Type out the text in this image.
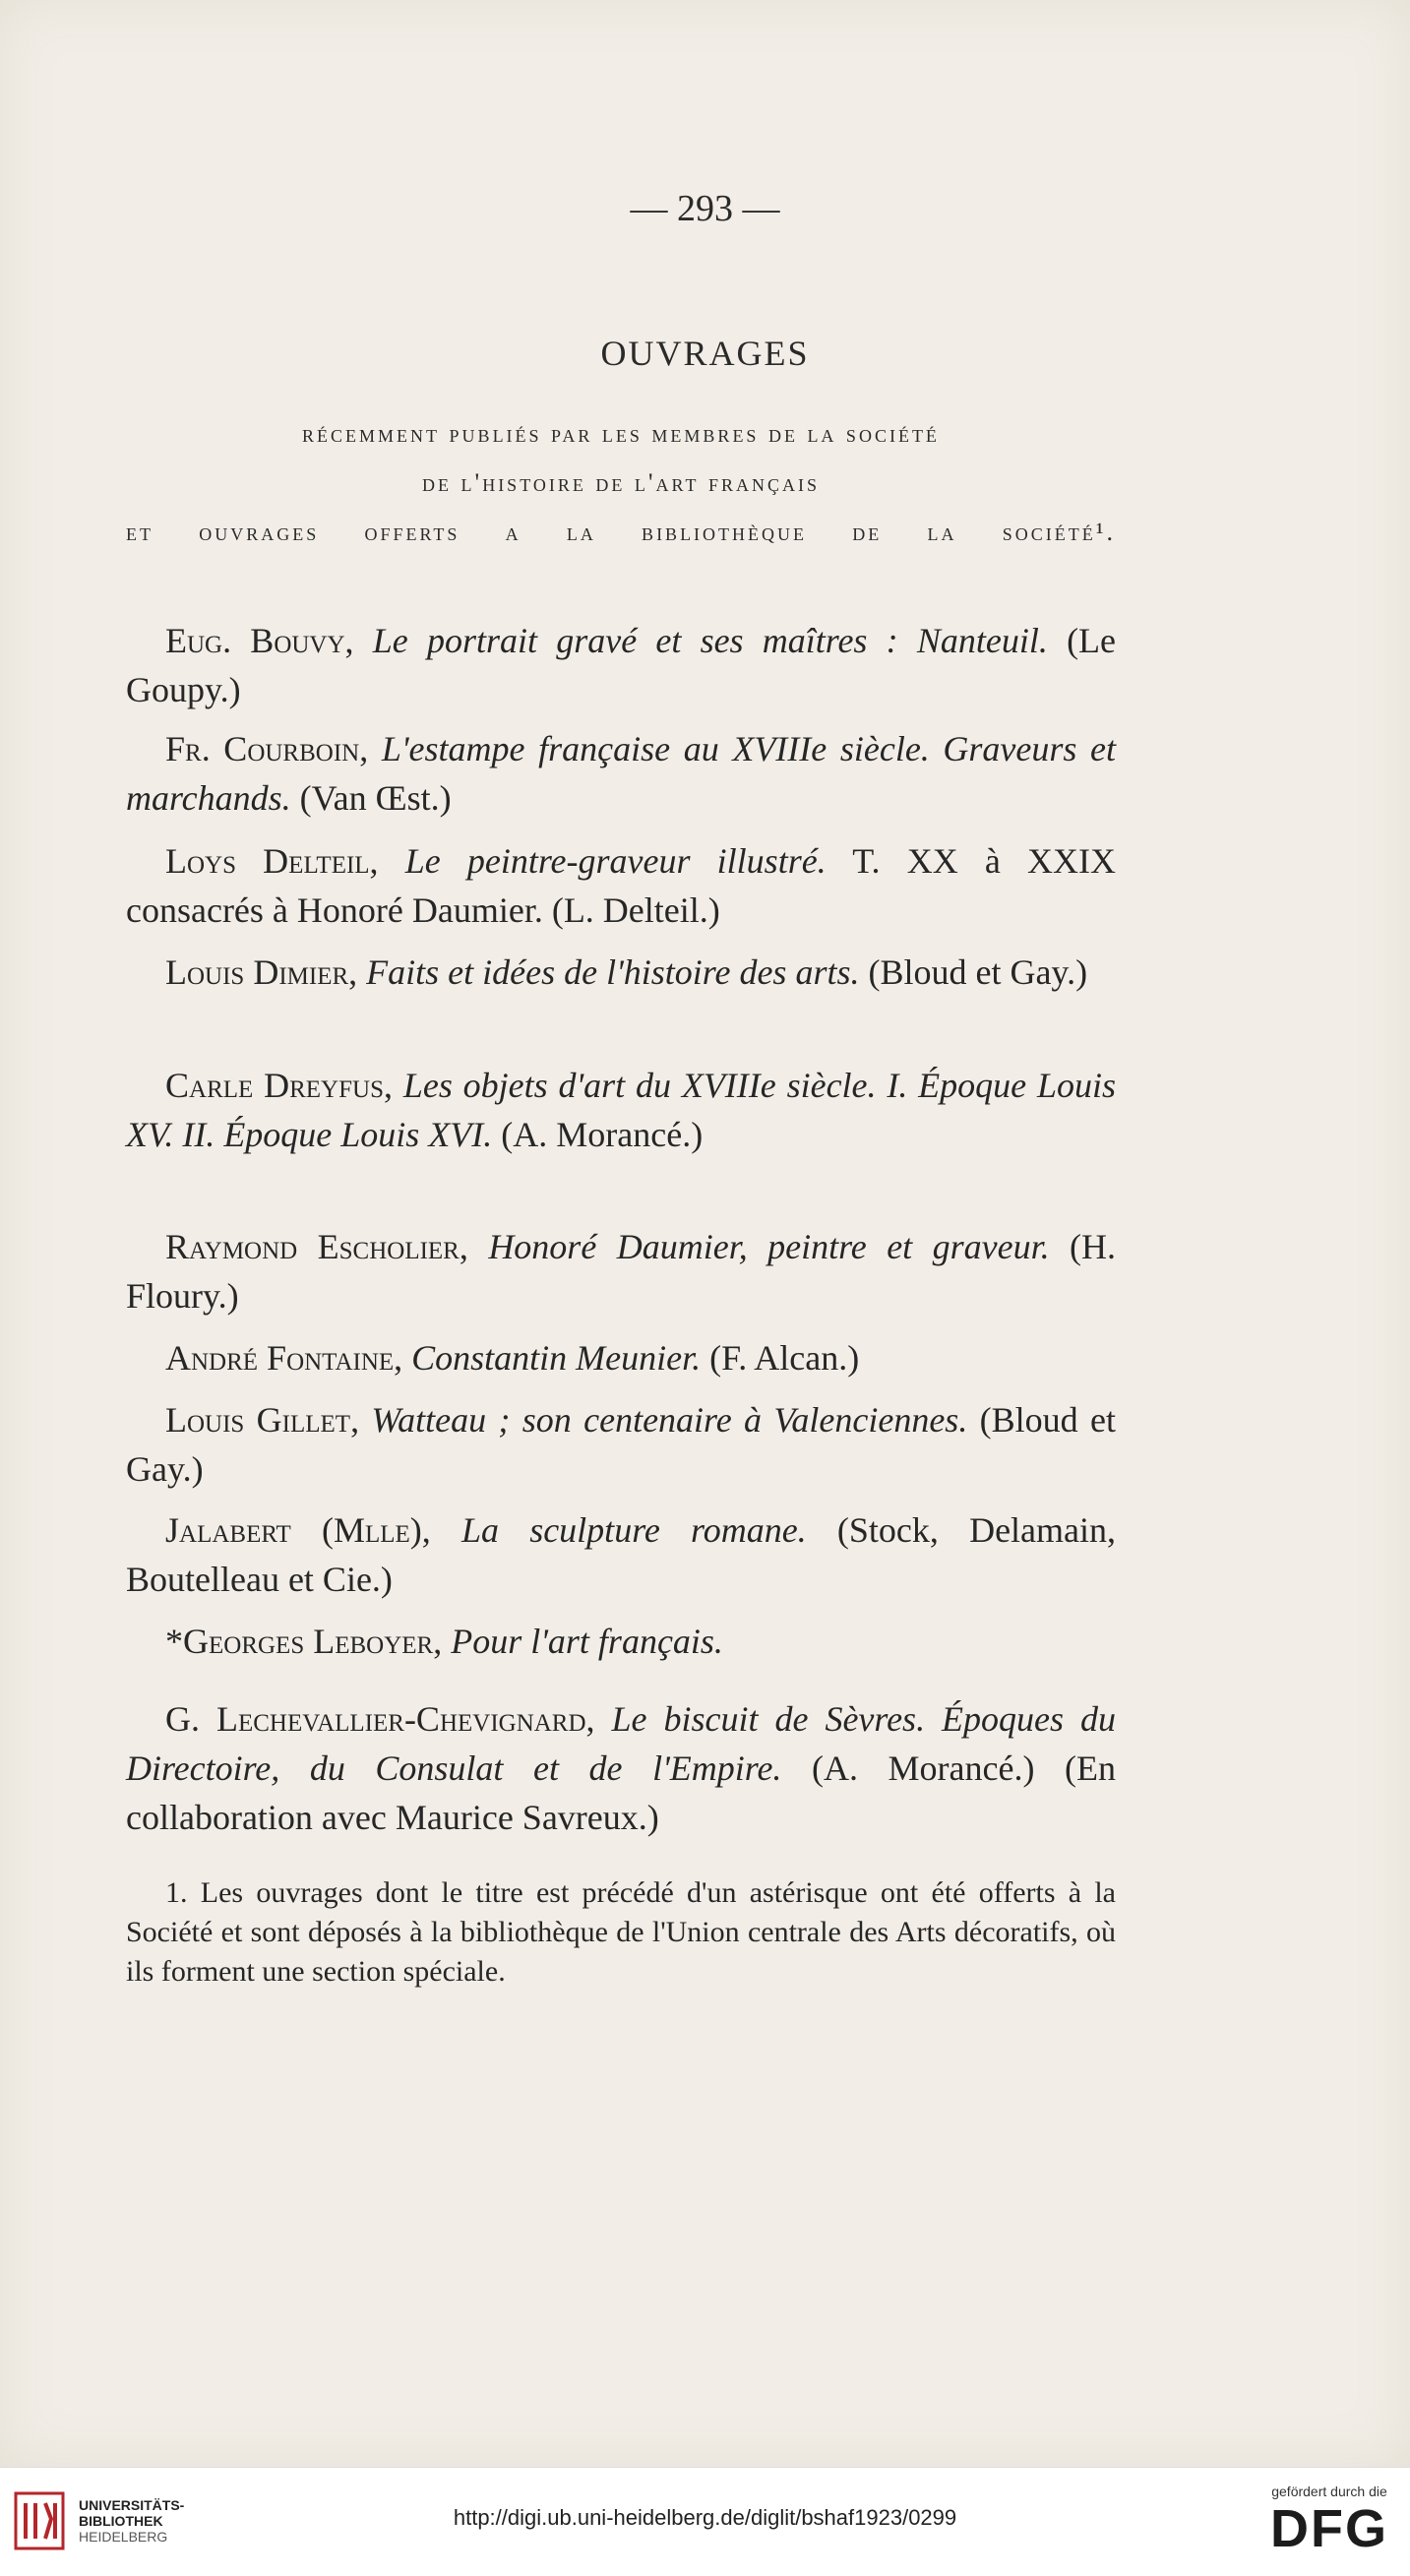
— 293 —
OUVRAGES
récemment publiés par les membres de la société
de l'histoire de l'art français
et ouvrages offerts a la bibliothèque de la société¹.
Eug. Bouvy, Le portrait gravé et ses maîtres : Nanteuil. (Le Goupy.)
Fr. Courboin, L'estampe française au XVIIIe siècle. Graveurs et marchands. (Van Œst.)
Loys Delteil, Le peintre-graveur illustré. T. XX à XXIX consacrés à Honoré Daumier. (L. Delteil.)
Louis Dimier, Faits et idées de l'histoire des arts. (Bloud et Gay.)
Carle Dreyfus, Les objets d'art du XVIIIe siècle. I. Époque Louis XV. II. Époque Louis XVI. (A. Morancé.)
Raymond Escholier, Honoré Daumier, peintre et graveur. (H. Floury.)
André Fontaine, Constantin Meunier. (F. Alcan.)
Louis Gillet, Watteau ; son centenaire à Valenciennes. (Bloud et Gay.)
Jalabert (Mlle), La sculpture romane. (Stock, Delamain, Boutelleau et Cie.)
*Georges Leboyer, Pour l'art français.
G. Lechevallier-Chevignard, Le biscuit de Sèvres. Époques du Directoire, du Consulat et de l'Empire. (A. Morancé.) (En collaboration avec Maurice Savreux.)
1. Les ouvrages dont le titre est précédé d'un astérisque ont été offerts à la Société et sont déposés à la bibliothèque de l'Union centrale des Arts décoratifs, où ils forment une section spéciale.
UNIVERSITÄTS-
BIBLIOTHEK
HEIDELBERG
http://digi.ub.uni-heidelberg.de/diglit/bshaf1923/0299
gefördert durch die
DFG
